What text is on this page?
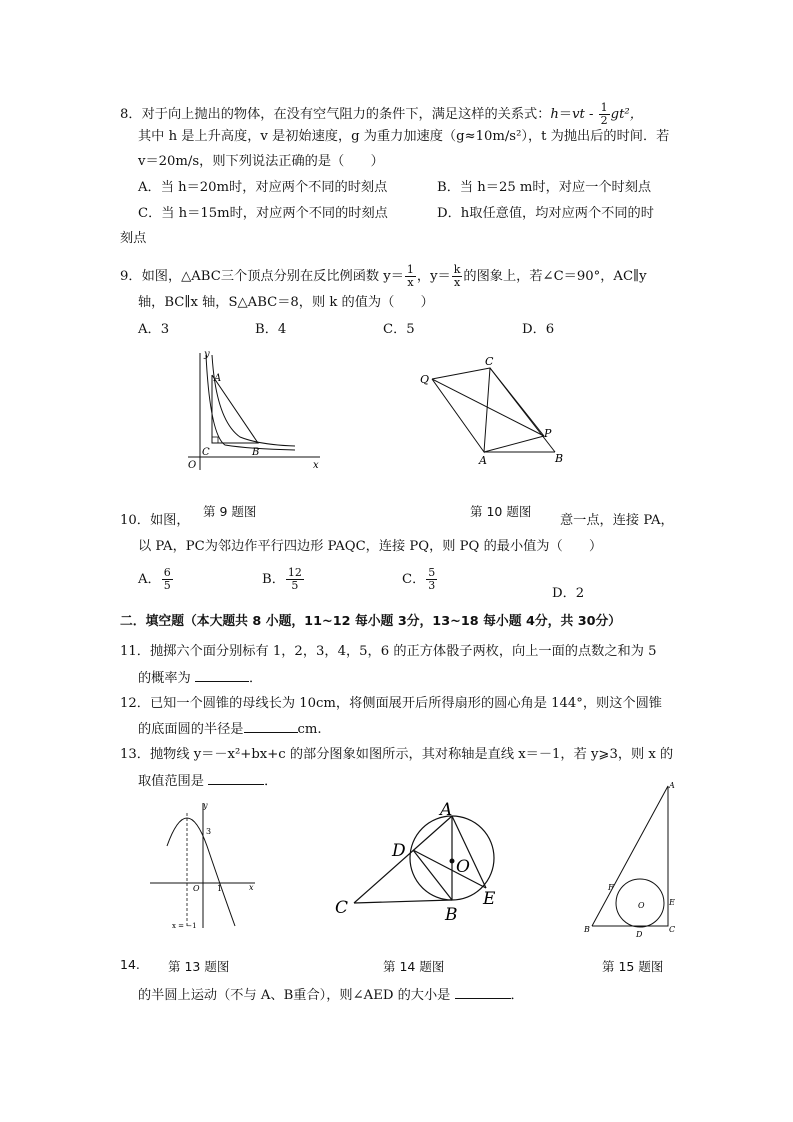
8．对于向上抛出的物体，在没有空气阻力的条件下，满足这样的关系式：$h=vt - \frac{1}{2} gt^2$，
其中 h 是上升高度，v 是初始速度，g 为重力加速度（g≈10m/s²），t 为抛出后的时间．若
v＝20m/s，则下列说法正确的是（　　）
A．当 h＝20m时，对应两个不同的时刻点	B．当 h＝25 m时，对应一个时刻点
C．当 h＝15m时，对应两个不同的时刻点	D．h取任意值，均对应两个不同的时
刻点
9．如图，△ABC三个顶点分别在反比例函数 $y= \frac{1}{x}$ ，$y= \frac{k}{x}$ 的图象上，若∠C＝90°，AC∥y
轴，BC∥x 轴，S△ABC＝8，则 k 的值为（　　）
A．3	B．4	C．5	D．6
y
x
O
A
C	B
Q
C
P
A	B
第 9 题图	第 10 题图
10．如图，	意一点，连接 PA，
以 PA，PC为邻边作平行四边形 PAQC，连接 PQ，则 PQ 的最小值为（　　）
A． $\frac{6}{5}$	B． $\frac{12}{5}$	C． $\frac{5}{3}$
D．2
二．填空题（本大题共 8 小题，11~12 每小题 3分，13~18 每小题 4分，共 30分）
11．抛掷六个面分别标有 1，2，3，4，5，6 的正方体骰子两枚，向上一面的点数之和为 5
的概率为	．
12．已知一个圆锥的母线长为 10cm，将侧面展开后所得扇形的圆心角是 144°，则这个圆锥
的底面圆的半径是	cm.
13．抛物线 y＝－x²+bx+c 的部分图象如图所示，其对称轴是直线 x＝－1，若 y⩾3，则 x 的
取值范围是	．
y
x
O
3
1
x = −1
A
B
C
D
E
O
A
B	C
D
E
F
O
14. 第 13 题图	第 14 题图	第 15 题图
的半圆上运动（不与 A、B重合），则∠AED 的大小是	．
